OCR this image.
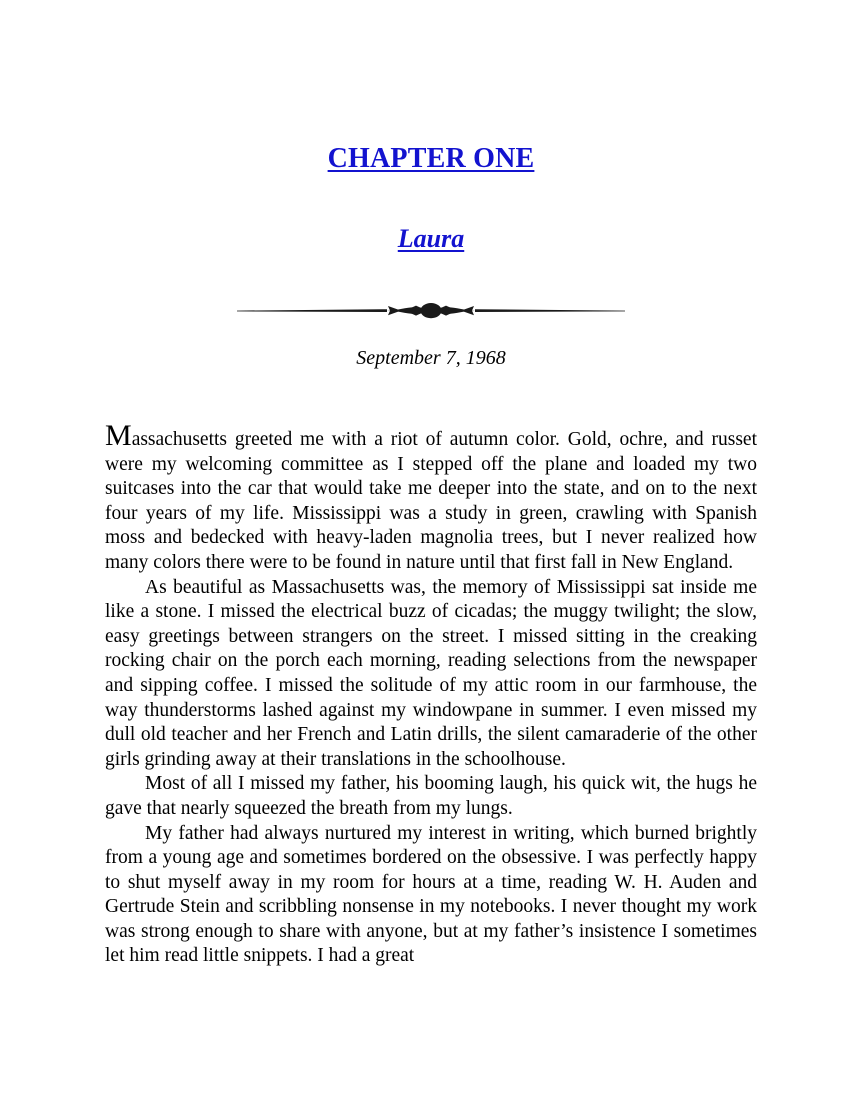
CHAPTER ONE
Laura

September 7, 1968

Massachusetts greeted me with a riot of autumn color. Gold, ochre, and russet were my welcoming committee as I stepped off the plane and loaded my two suitcases into the car that would take me deeper into the state, and on to the next four years of my life. Mississippi was a study in green, crawling with Spanish moss and bedecked with heavy-laden magnolia trees, but I never realized how many colors there were to be found in nature until that first fall in New England.

As beautiful as Massachusetts was, the memory of Mississippi sat inside me like a stone. I missed the electrical buzz of cicadas; the muggy twilight; the slow, easy greetings between strangers on the street. I missed sitting in the creaking rocking chair on the porch each morning, reading selections from the newspaper and sipping coffee. I missed the solitude of my attic room in our farmhouse, the way thunderstorms lashed against my windowpane in summer. I even missed my dull old teacher and her French and Latin drills, the silent camaraderie of the other girls grinding away at their translations in the schoolhouse.

Most of all I missed my father, his booming laugh, his quick wit, the hugs he gave that nearly squeezed the breath from my lungs.

My father had always nurtured my interest in writing, which burned brightly from a young age and sometimes bordered on the obsessive. I was perfectly happy to shut myself away in my room for hours at a time, reading W. H. Auden and Gertrude Stein and scribbling nonsense in my notebooks. I never thought my work was strong enough to share with anyone, but at my father’s insistence I sometimes let him read little snippets. I had a great
